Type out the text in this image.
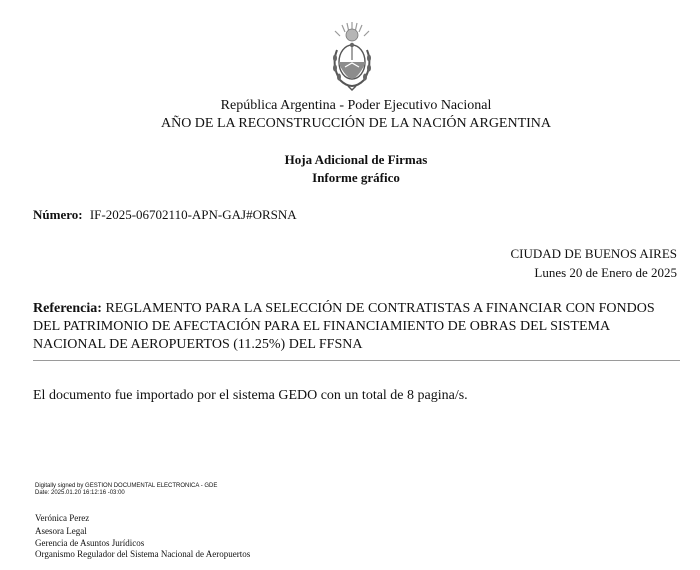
República Argentina - Poder Ejecutivo Nacional
AÑO DE LA RECONSTRUCCIÓN DE LA NACIÓN ARGENTINA
Hoja Adicional de Firmas
Informe gráfico
Número: IF-2025-06702110-APN-GAJ#ORSNA
CIUDAD DE BUENOS AIRES
Lunes 20 de Enero de 2025
Referencia: REGLAMENTO PARA LA SELECCIÓN DE CONTRATISTAS A FINANCIAR CON FONDOS DEL PATRIMONIO DE AFECTACIÓN PARA EL FINANCIAMIENTO DE OBRAS DEL SISTEMA NACIONAL DE AEROPUERTOS (11.25%) DEL FFSNA
El documento fue importado por el sistema GEDO con un total de 8 pagina/s.
Digitally signed by GESTION DOCUMENTAL ELECTRONICA - GDE
Date: 2025.01.20 16:12:16 -03:00
Verónica Perez
Asesora Legal
Gerencia de Asuntos Jurídicos
Organismo Regulador del Sistema Nacional de Aeropuertos
